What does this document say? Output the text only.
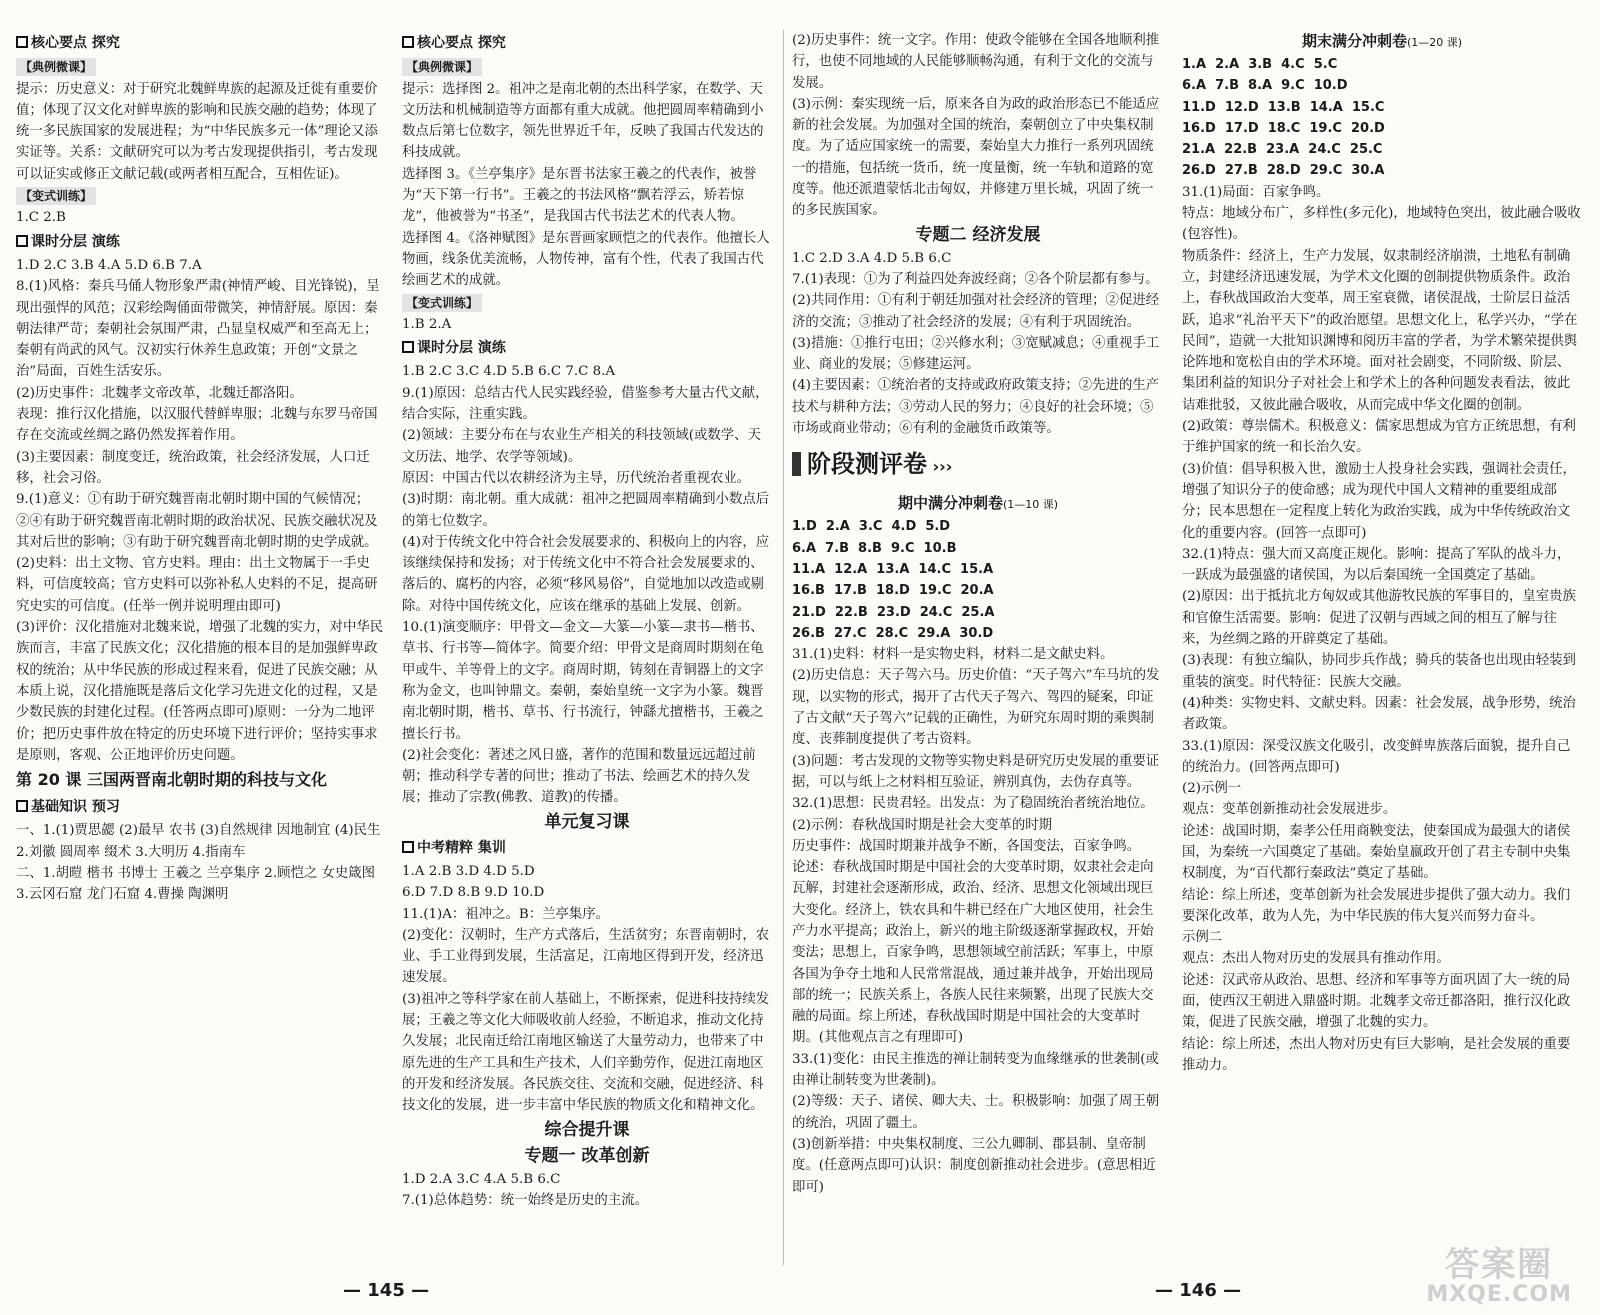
核心要点 探究
【典例微课】

提示：历史意义：对于研究北魏鲜卑族的起源及迁徙有重要价值；体现了汉文化对鲜卑族的影响和民族交融的趋势；体现了统一多民族国家的发展进程；为“中华民族多元一体”理论又添实证等。关系：文献研究可以为考古发现提供指引，考古发现可以证实或修正文献记载(或两者相互配合，互相佐证)。

【变式训练】

1.C 2.B

课时分层 演练

1.D 2.C 3.B 4.A 5.D 6.B 7.A

8.(1)风格：秦兵马俑人物形象严肃(神情严峻、目光锋锐)，呈现出强悍的风范；汉彩绘陶俑面带微笑，神情舒展。原因：秦朝法律严苛；秦朝社会氛围严肃，凸显皇权威严和至高无上；秦朝有尚武的风气。汉初实行休养生息政策；开创“文景之治”局面，百姓生活安乐。

(2)历史事件：北魏孝文帝改革，北魏迁都洛阳。

表现：推行汉化措施，以汉服代替鲜卑服；北魏与东罗马帝国存在交流或丝绸之路仍然发挥着作用。

(3)主要因素：制度变迁，统治政策，社会经济发展，人口迁移，社会习俗。

9.(1)意义：①有助于研究魏晋南北朝时期中国的气候情况；②④有助于研究魏晋南北朝时期的政治状况、民族交融状况及其对后世的影响；③有助于研究魏晋南北朝时期的史学成就。

(2)史料：出土文物、官方史料。理由：出土文物属于一手史料，可信度较高；官方史料可以弥补私人史料的不足，提高研究史实的可信度。(任举一例并说明理由即可)

(3)评价：汉化措施对北魏来说，增强了北魏的实力，对中华民族而言，丰富了民族文化；汉化措施的根本目的是加强鲜卑政权的统治；从中华民族的形成过程来看，促进了民族交融；从本质上说，汉化措施既是落后文化学习先进文化的过程，又是少数民族的封建化过程。(任答两点即可)原则：一分为二地评价；把历史事件放在特定的历史环境下进行评价；坚持实事求是原则，客观、公正地评价历史问题。

第 20 课 三国两晋南北朝时期的科技与文化
基础知识 预习

一、1.(1)贾思勰 (2)最早 农书 (3)自然规律 因地制宜 (4)民生 2.刘徽 圆周率 缀术 3.大明历 4.指南车

二、1.胡暟 楷书 书博士 王羲之 兰亭集序 2.顾恺之 女史箴图 3.云冈石窟 龙门石窟 4.曹操 陶渊明

核心要点 探究
【典例微课】

提示：选择图 2。祖冲之是南北朝的杰出科学家，在数学、天文历法和机械制造等方面都有重大成就。他把圆周率精确到小数点后第七位数字，领先世界近千年，反映了我国古代发达的科技成就。

选择图 3。《兰亭集序》是东晋书法家王羲之的代表作，被誉为“天下第一行书”。王羲之的书法风格“飘若浮云，矫若惊龙”，他被誉为“书圣”，是我国古代书法艺术的代表人物。

选择图 4。《洛神赋图》是东晋画家顾恺之的代表作。他擅长人物画，线条优美流畅，人物传神，富有个性，代表了我国古代绘画艺术的成就。

【变式训练】

1.B 2.A

课时分层 演练

1.B 2.C 3.C 4.D 5.B 6.C 7.C 8.A

9.(1)原因：总结古代人民实践经验，借鉴参考大量古代文献，结合实际，注重实践。

(2)领域：主要分布在与农业生产相关的科技领域(或数学、天文历法、地学、农学等领域)。

原因：中国古代以农耕经济为主导，历代统治者重视农业。

(3)时期：南北朝。重大成就：祖冲之把圆周率精确到小数点后的第七位数字。

(4)对于传统文化中符合社会发展要求的、积极向上的内容，应该继续保持和发扬；对于传统文化中不符合社会发展要求的、落后的、腐朽的内容，必须“移风易俗”，自觉地加以改造或剔除。对待中国传统文化，应该在继承的基础上发展、创新。

10.(1)演变顺序：甲骨文—金文—大篆—小篆—隶书—楷书、草书、行书等—简体字。简要介绍：甲骨文是商周时期刻在龟甲或牛、羊等骨上的文字。商周时期，铸刻在青铜器上的文字称为金文，也叫钟鼎文。秦朝，秦始皇统一文字为小篆。魏晋南北朝时期，楷书、草书、行书流行，钟繇尤擅楷书，王羲之擅长行书。

(2)社会变化：著述之风日盛，著作的范围和数量远远超过前朝；推动科学专著的问世；推动了书法、绘画艺术的持久发展；推动了宗教(佛教、道教)的传播。

单元复习课
中考精粹 集训

1.A 2.B 3.D 4.D 5.D

6.D 7.D 8.B 9.D 10.D

11.(1)A：祖冲之。B：兰亭集序。

(2)变化：汉朝时，生产方式落后，生活贫穷；东晋南朝时，农业、手工业得到发展，生活富足，江南地区得到开发，经济迅速发展。

(3)祖冲之等科学家在前人基础上，不断探索，促进科技持续发展；王羲之等文化大师吸收前人经验，不断追求，推动文化持久发展；北民南迁给江南地区输送了大量劳动力，也带来了中原先进的生产工具和生产技术，人们辛勤劳作，促进江南地区的开发和经济发展。各民族交往、交流和交融，促进经济、科技文化的发展，进一步丰富中华民族的物质文化和精神文化。

综合提升课
专题一 改革创新

1.D 2.A 3.C 4.A 5.B 6.C

7.(1)总体趋势：统一始终是历史的主流。

(2)历史事件：统一文字。作用：使政令能够在全国各地顺利推行，也使不同地域的人民能够顺畅沟通，有利于文化的交流与发展。

(3)示例：秦实现统一后，原来各自为政的政治形态已不能适应新的社会发展。为加强对全国的统治，秦朝创立了中央集权制度。为了适应国家统一的需要，秦始皇大力推行一系列巩固统一的措施，包括统一货币，统一度量衡，统一车轨和道路的宽度等。他还派遣蒙恬北击匈奴，并修建万里长城，巩固了统一的多民族国家。

专题二 经济发展

1.C 2.D 3.A 4.D 5.B 6.C

7.(1)表现：①为了利益四处奔波经商；②各个阶层都有参与。

(2)共同作用：①有利于朝廷加强对社会经济的管理；②促进经济的交流；③推动了社会经济的发展；④有利于巩固统治。

(3)措施：①推行屯田；②兴修水利；③宽赋减息；④重视手工业、商业的发展；⑤修建运河。

(4)主要因素：①统治者的支持或政府政策支持；②先进的生产技术与耕种方法；③劳动人民的努力；④良好的社会环境；⑤市场或商业带动；⑥有利的金融货币政策等。

阶段测评卷 ›››
期中满分冲刺卷(1—10 课)
1.D  2.A  3.C  4.D  5.D
6.A  7.B  8.B  9.C  10.B
11.A  12.A  13.A  14.C  15.A
16.B  17.B  18.D  19.C  20.A
21.D  22.B  23.D  24.C  25.A
26.B  27.C  28.C  29.A  30.D

31.(1)史料：材料一是实物史料，材料二是文献史料。

(2)历史信息：天子驾六马。历史价值：“天子驾六”车马坑的发现，以实物的形式，揭开了古代天子驾六、驾四的疑案，印证了古文献“天子驾六”记载的正确性，为研究东周时期的乘舆制度、丧葬制度提供了考古资料。

(3)问题：考古发现的文物等实物史料是研究历史发展的重要证据，可以与纸上之材料相互验证，辨别真伪，去伪存真等。

32.(1)思想：民贵君轻。出发点：为了稳固统治者统治地位。

(2)示例：春秋战国时期是社会大变革的时期

历史事件：战国时期兼并战争不断，各国变法，百家争鸣。

论述：春秋战国时期是中国社会的大变革时期，奴隶社会走向瓦解，封建社会逐渐形成，政治、经济、思想文化领域出现巨大变化。经济上，铁农具和牛耕已经在广大地区使用，社会生产力水平提高；政治上，新兴的地主阶级逐渐掌握政权，开始变法；思想上，百家争鸣，思想领域空前活跃；军事上，中原各国为争夺土地和人民常常混战，通过兼并战争，开始出现局部的统一；民族关系上，各族人民往来频繁，出现了民族大交融的局面。综上所述，春秋战国时期是中国社会的大变革时期。(其他观点言之有理即可)

33.(1)变化：由民主推选的禅让制转变为血缘继承的世袭制(或由禅让制转变为世袭制)。

(2)等级：天子、诸侯、卿大夫、士。积极影响：加强了周王朝的统治，巩固了疆土。

(3)创新举措：中央集权制度、三公九卿制、郡县制、皇帝制度。(任意两点即可)认识：制度创新推动社会进步。(意思相近即可)

期末满分冲刺卷(1—20 课)
1.A  2.A  3.B  4.C  5.C
6.A  7.B  8.A  9.C  10.D
11.D  12.D  13.B  14.A  15.C
16.D  17.D  18.C  19.C  20.D
21.A  22.B  23.A  24.C  25.C
26.D  27.B  28.D  29.C  30.A

31.(1)局面：百家争鸣。

特点：地域分布广，多样性(多元化)，地域特色突出，彼此融合吸收(包容性)。

物质条件：经济上，生产力发展，奴隶制经济崩溃，土地私有制确立，封建经济迅速发展，为学术文化圈的创制提供物质条件。政治上，春秋战国政治大变革，周王室衰微，诸侯混战，士阶层日益活跃，追求“礼治平天下”的政治愿望。思想文化上，私学兴办，“学在民间”，造就一大批知识渊博和阅历丰富的学者，为学术繁荣提供舆论阵地和宽松自由的学术环境。面对社会剧变，不同阶级、阶层、集团利益的知识分子对社会上和学术上的各种问题发表看法，彼此诘难批驳，又彼此融合吸收，从而完成中华文化圈的创制。

(2)政策：尊崇儒术。积极意义：儒家思想成为官方正统思想，有利于维护国家的统一和长治久安。

(3)价值：倡导积极入世，激励士人投身社会实践，强调社会责任，增强了知识分子的使命感；成为现代中国人文精神的重要组成部分；民本思想在一定程度上转化为政治实践，成为中华传统政治文化的重要内容。(回答一点即可)

32.(1)特点：强大而又高度正规化。影响：提高了军队的战斗力，一跃成为最强盛的诸侯国，为以后秦国统一全国奠定了基础。

(2)原因：出于抵抗北方匈奴或其他游牧民族的军事目的，皇室贵族和官僚生活需要。影响：促进了汉朝与西域之间的相互了解与往来，为丝绸之路的开辟奠定了基础。

(3)表现：有独立编队，协同步兵作战；骑兵的装备也出现由轻装到重装的演变。时代特征：民族大交融。

(4)种类：实物史料、文献史料。因素：社会发展，战争形势，统治者政策。

33.(1)原因：深受汉族文化吸引，改变鲜卑族落后面貌，提升自己的统治力。(回答两点即可)

(2)示例一

观点：变革创新推动社会发展进步。

论述：战国时期，秦孝公任用商鞅变法，使秦国成为最强大的诸侯国，为秦统一六国奠定了基础。秦始皇嬴政开创了君主专制中央集权制度，为“百代都行秦政法”奠定了基础。

结论：综上所述，变革创新为社会发展进步提供了强大动力。我们要深化改革，敢为人先，为中华民族的伟大复兴而努力奋斗。

示例二

观点：杰出人物对历史的发展具有推动作用。

论述：汉武帝从政治、思想、经济和军事等方面巩固了大一统的局面，使西汉王朝进入鼎盛时期。北魏孝文帝迁都洛阳，推行汉化政策，促进了民族交融，增强了北魏的实力。

结论：综上所述，杰出人物对历史有巨大影响，是社会发展的重要推动力。

— 145 —	— 146 —
答案圈
MXQE.COM
